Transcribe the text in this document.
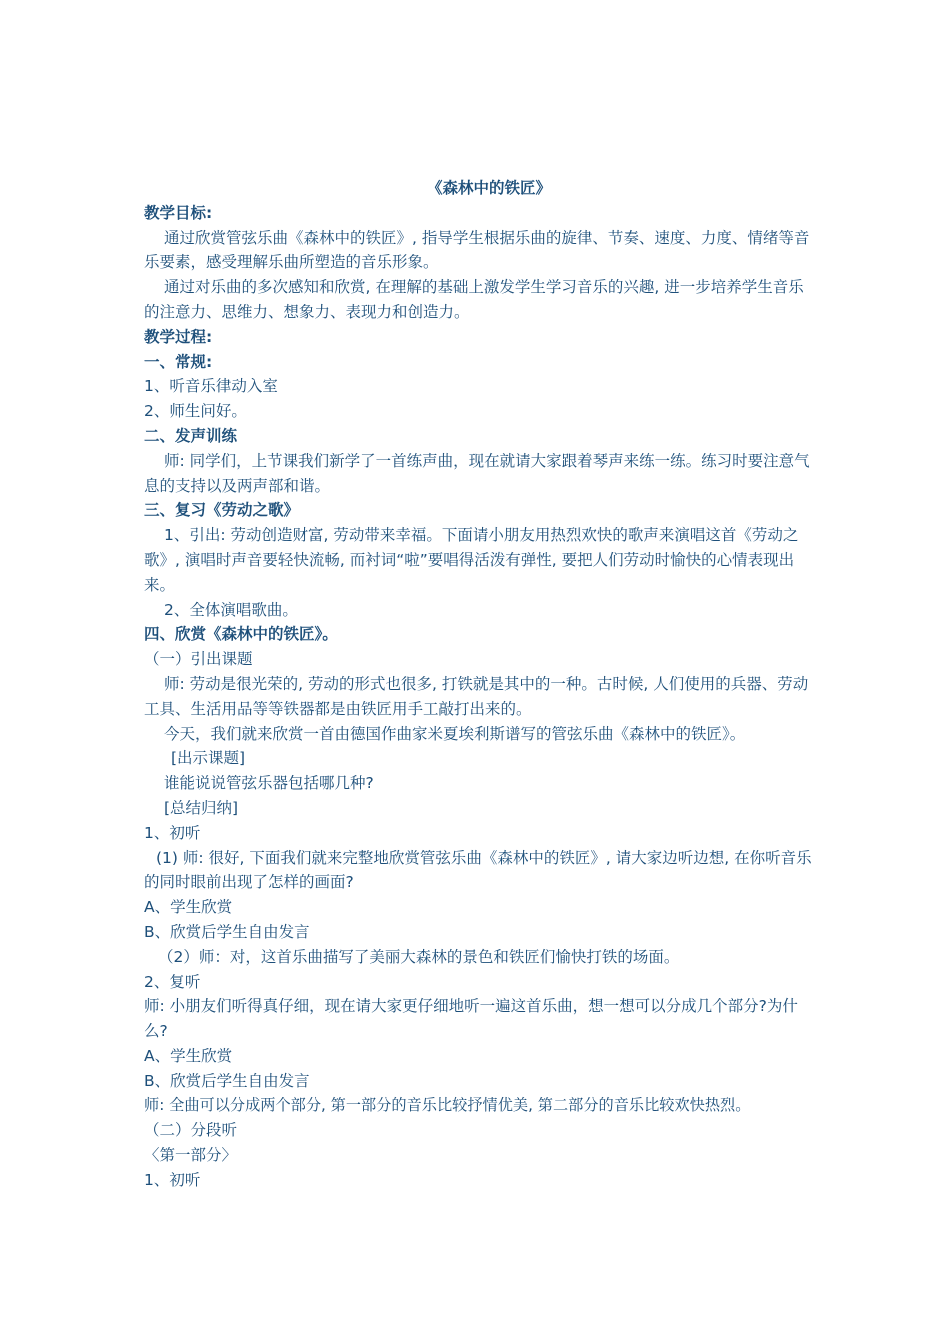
《森林中的铁匠》
教学目标:
通过欣赏管弦乐曲《森林中的铁匠》, 指导学生根据乐曲的旋律、节奏、速度、力度、情绪等音乐要素，感受理解乐曲所塑造的音乐形象。
通过对乐曲的多次感知和欣赏, 在理解的基础上激发学生学习音乐的兴趣, 进一步培养学生音乐的注意力、思维力、想象力、表现力和创造力。
教学过程:
一、常规:
1、听音乐律动入室
2、师生问好。
二、发声训练
师: 同学们，上节课我们新学了一首练声曲，现在就请大家跟着琴声来练一练。练习时要注意气息的支持以及两声部和谐。
三、复习《劳动之歌》
1、引出: 劳动创造财富, 劳动带来幸福。下面请小朋友用热烈欢快的歌声来演唱这首《劳动之歌》, 演唱时声音要轻快流畅, 而衬词“啦”要唱得活泼有弹性, 要把人们劳动时愉快的心情表现出来。
2、全体演唱歌曲。
四、欣赏《森林中的铁匠》。
（一）引出课题
师: 劳动是很光荣的, 劳动的形式也很多, 打铁就是其中的一种。古时候, 人们使用的兵器、劳动工具、生活用品等等铁器都是由铁匠用手工敲打出来的。
今天，我们就来欣赏一首由德国作曲家米夏埃利斯谱写的管弦乐曲《森林中的铁匠》。
[出示课题]
谁能说说管弦乐器包括哪几种?
[总结归纳]
1、初听
(1) 师: 很好, 下面我们就来完整地欣赏管弦乐曲《森林中的铁匠》, 请大家边听边想, 在你听音乐的同时眼前出现了怎样的画面?
A、学生欣赏
B、欣赏后学生自由发言
（2）师：对，这首乐曲描写了美丽大森林的景色和铁匠们愉快打铁的场面。
2、复听
师: 小朋友们听得真仔细，现在请大家更仔细地听一遍这首乐曲，想一想可以分成几个部分?为什么?
A、学生欣赏
B、欣赏后学生自由发言
师: 全曲可以分成两个部分, 第一部分的音乐比较抒情优美, 第二部分的音乐比较欢快热烈。
（二）分段听
〈第一部分〉
1、初听
